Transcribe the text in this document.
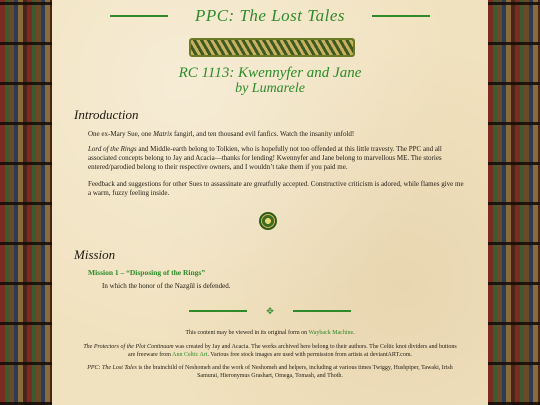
PPC: The Lost Tales
RC 1113: Kwennyfer and Jane
by Lumarele
Introduction
One ex-Mary Sue, one Matrix fangirl, and ten thousand evil fanfics. Watch the insanity unfold!
Lord of the Rings and Middle-earth belong to Tolkien, who is hopefully not too offended at this little travesty. The PPC and all associated concepts belong to Jay and Acacia—thanks for lending! Kwennyfer and Jane belong to marvellous ME. The stories entered/parodied belong to their respective owners, and I wouldn’t take them if you paid me.
Feedback and suggestions for other Sues to assassinate are greatfully accepted. Constructive criticism is adored, while flames give me a warm, fuzzy feeling inside.
Mission
Mission 1 – “Disposing of the Rings”
In which the honor of the Nazgûl is defended.
✥
This content may be viewed in its original form on Wayback Machine.
The Protectors of the Plot Continuum was created by Jay and Acacia. The works archived here belong to their authors. The Celtic knot dividers and buttons are freeware from Ann Celtic Art. Various free stock images are used with permission from artists at deviantART.com.
PPC: The Lost Tales is the brainchild of Neshomeh and the work of Neshomeh and helpers, including at various times Twiggy, Hushpiper, Tawaki, Irish Samurai, Hieronymus Grashart, Omega, Tomash, and Thoth.
